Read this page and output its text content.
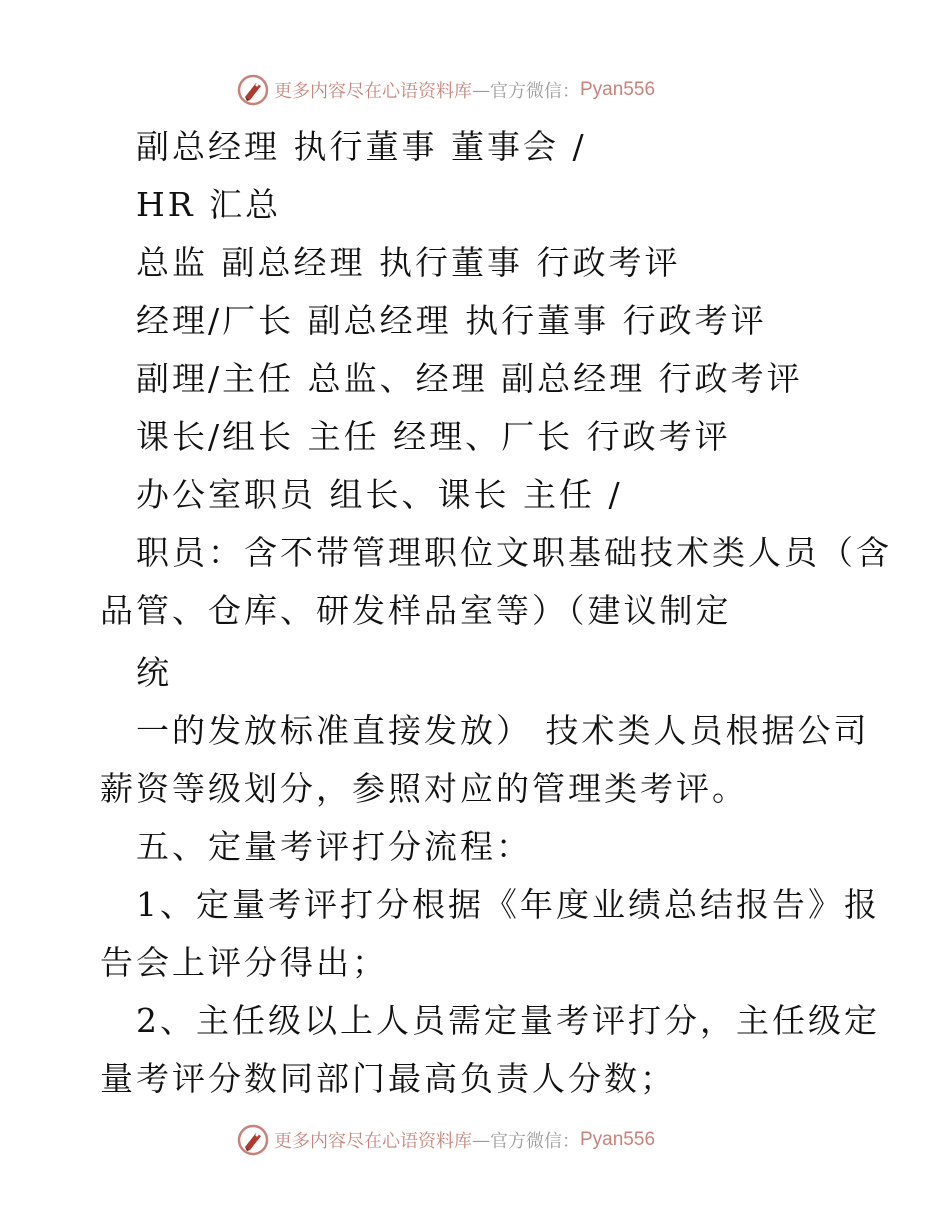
更多内容尽在心语资料库 — 官方微信： Pyan556
副总经理 执行董事 董事会 /
HR 汇总
总监 副总经理 执行董事 行政考评
经理/厂长 副总经理 执行董事 行政考评
副理/主任 总监、经理 副总经理 行政考评
课长/组长 主任 经理、厂长 行政考评
办公室职员 组长、课长 主任 /
职员：含不带管理职位文职基础技术类人员（含
品管、仓库、研发样品室等）（建议制定
统
一的发放标准直接发放） 技术类人员根据公司
薪资等级划分，参照对应的管理类考评。
五、定量考评打分流程：
1、定量考评打分根据《年度业绩总结报告》报
告会上评分得出；
2、主任级以上人员需定量考评打分，主任级定
量考评分数同部门最高负责人分数；
更多内容尽在心语资料库 — 官方微信： Pyan556
